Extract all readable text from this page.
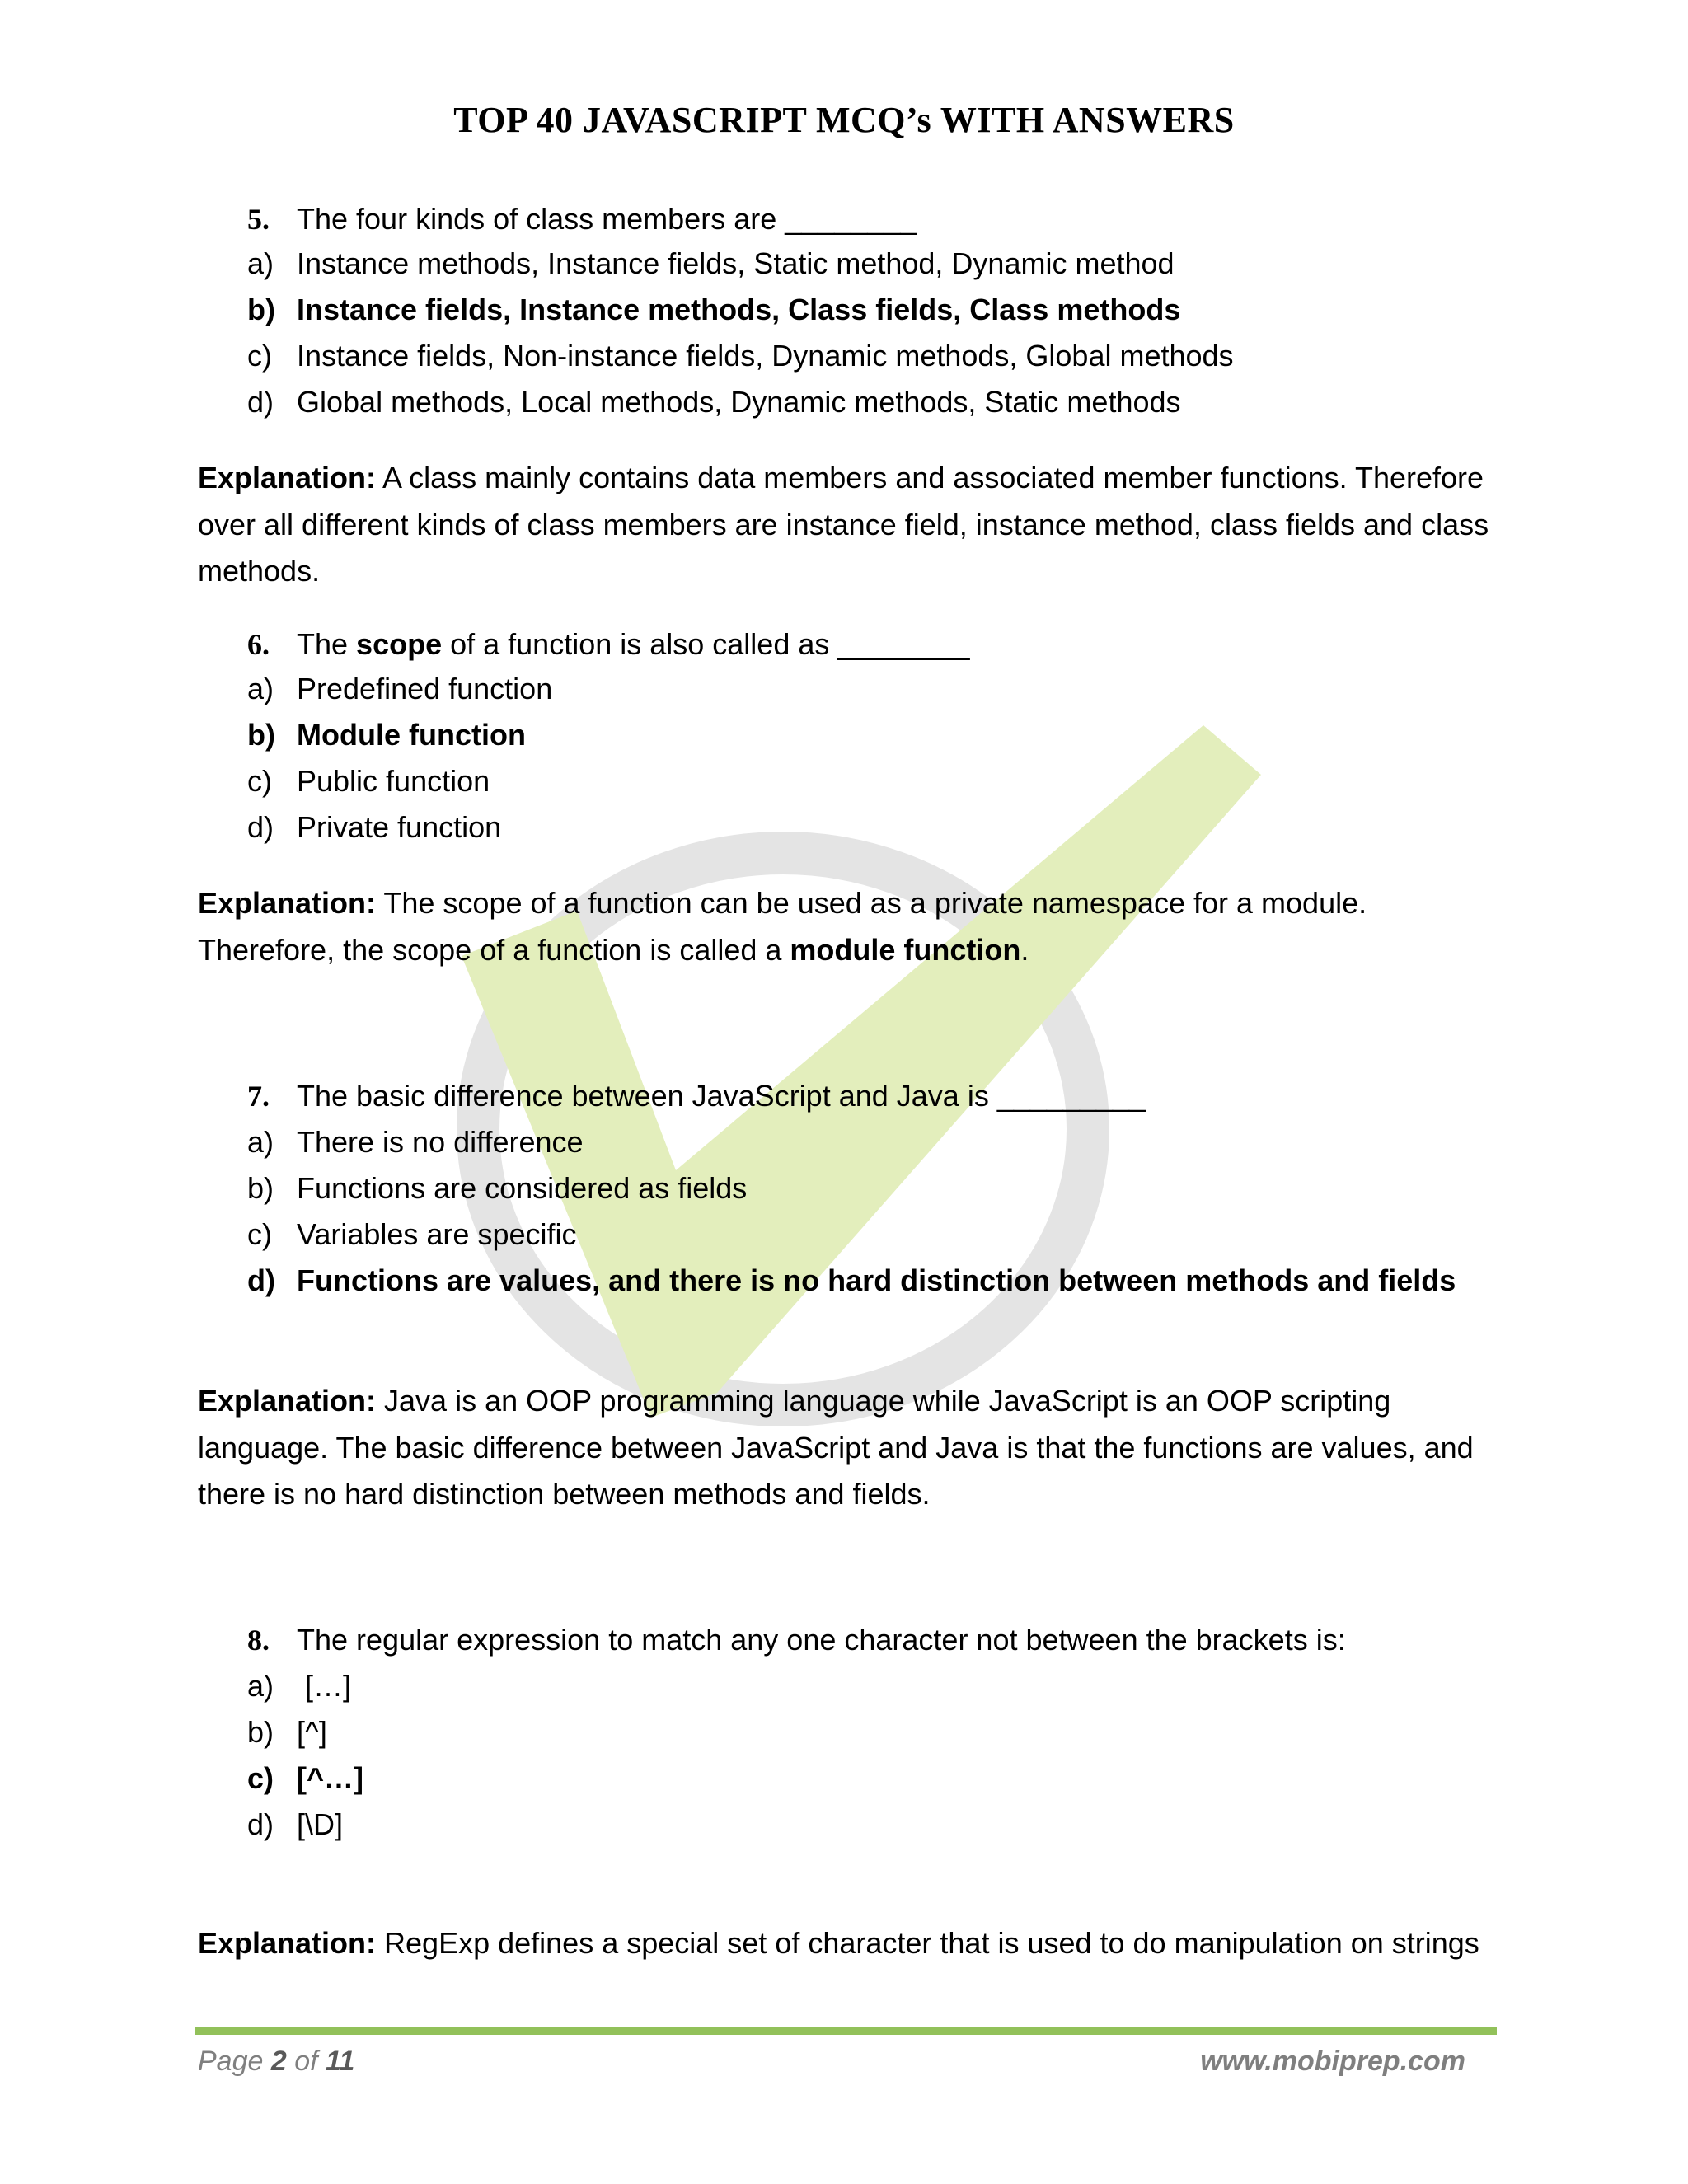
TOP 40 JAVASCRIPT MCQ’s WITH ANSWERS
5. The four kinds of class members are ________
a) Instance methods, Instance fields, Static method, Dynamic method
b) Instance fields, Instance methods, Class fields, Class methods
c) Instance fields, Non-instance fields, Dynamic methods, Global methods
d) Global methods, Local methods, Dynamic methods, Static methods
Explanation: A class mainly contains data members and associated member functions. Therefore over all different kinds of class members are instance field, instance method, class fields and class methods.
6. The scope of a function is also called as ________
a) Predefined function
b) Module function
c) Public function
d) Private function
Explanation: The scope of a function can be used as a private namespace for a module. Therefore, the scope of a function is called a module function.
7. The basic difference between JavaScript and Java is _________
a) There is no difference
b) Functions are considered as fields
c) Variables are specific
d) Functions are values, and there is no hard distinction between methods and fields
Explanation: Java is an OOP programming language while JavaScript is an OOP scripting language. The basic difference between JavaScript and Java is that the functions are values, and there is no hard distinction between methods and fields.
8. The regular expression to match any one character not between the brackets is:
a) […]
b) [^]
c) [^…]
d) [\D]
Explanation: RegExp defines a special set of character that is used to do manipulation on strings
Page 2 of 11	www.mobiprep.com
